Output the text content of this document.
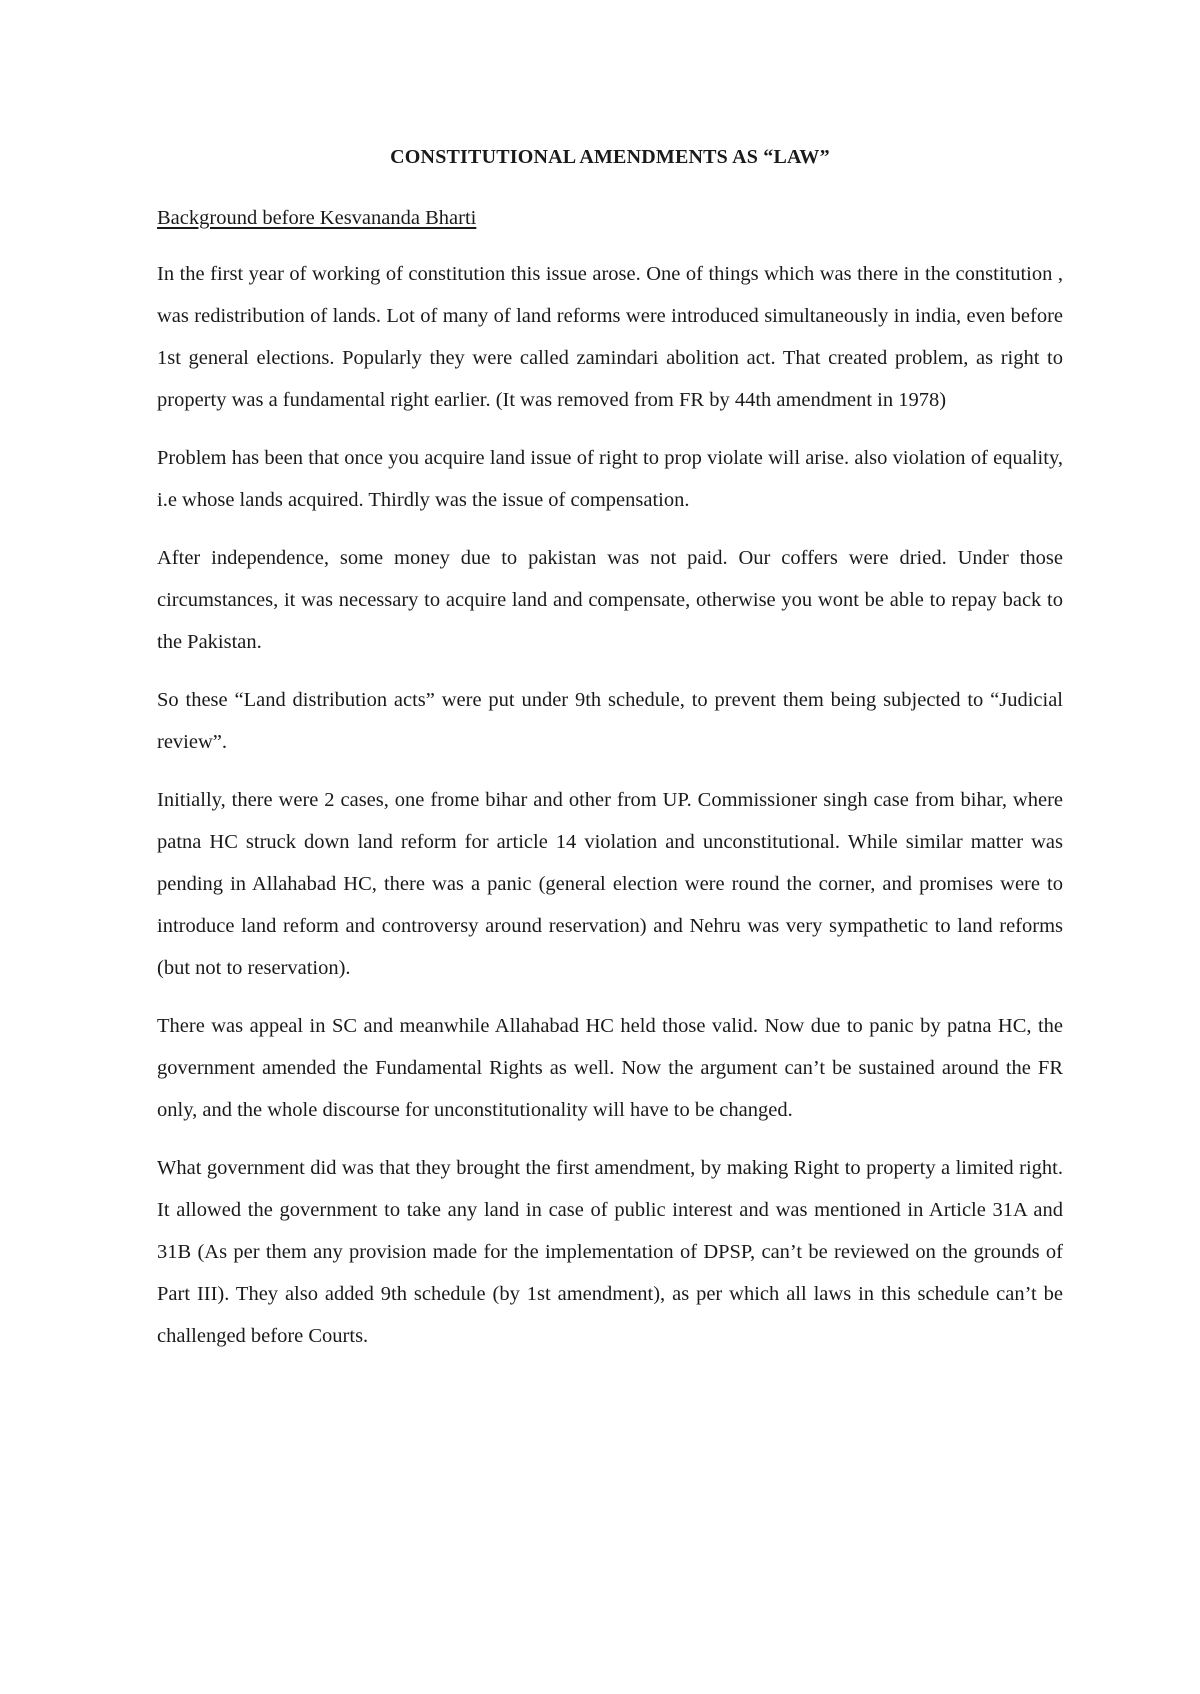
CONSTITUTIONAL AMENDMENTS AS “LAW”

Background before Kesvananda Bharti

In the first year of working of constitution this issue arose. One of things which was there in the constitution , was redistribution of lands. Lot of many of land reforms were introduced simultaneously in india, even before 1st general elections. Popularly they were called zamindari abolition act. That created problem, as right to property was a fundamental right earlier. (It was removed from FR by 44th amendment in 1978)

Problem has been that once you acquire land issue of right to prop violate will arise. also violation of equality, i.e whose lands acquired. Thirdly was the issue of compensation.

After independence, some money due to pakistan was not paid. Our coffers were dried. Under those circumstances, it was necessary to acquire land and compensate, otherwise you wont be able to repay back to the Pakistan.

So these “Land distribution acts” were put under 9th schedule, to prevent them being subjected to “Judicial review”.

Initially, there were 2 cases, one frome bihar and other from UP. Commissioner singh case from bihar, where patna HC struck down land reform for article 14 violation and unconstitutional. While similar matter was pending in Allahabad HC, there was a panic (general election were round the corner, and promises were to introduce land reform and controversy around reservation) and Nehru was very sympathetic to land reforms (but not to reservation).

There was appeal in SC and meanwhile Allahabad HC held those valid. Now due to panic by patna HC, the government amended the Fundamental Rights as well. Now the argument can’t be sustained around the FR only, and the whole discourse for unconstitutionality will have to be changed.

What government did was that they brought the first amendment, by making Right to property a limited right. It allowed the government to take any land in case of public interest and was mentioned in Article 31A and 31B (As per them any provision made for the implementation of DPSP, can’t be reviewed on the grounds of Part III). They also added 9th schedule (by 1st amendment), as per which all laws in this schedule can’t be challenged before Courts.
